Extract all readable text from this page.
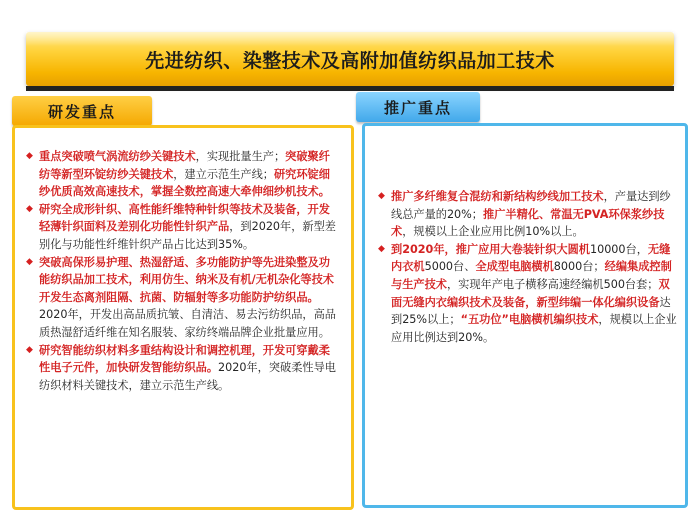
先进纺织、染整技术及高附加值纺织品加工技术
研发重点
◆ 重点突破喷气涡流纺纱关键技术，实现批量生产；突破聚纤纺等新型环锭纺纱关键技术，建立示范生产线；研究环锭细纱优质高效高速技术，掌握全数控高速大牵伸细纱机技术。
◆ 研究全成形针织、高性能纤维特种针织等技术及装备，开发轻薄针织面料及差别化功能性针织产品，到2020年，新型差别化与功能性纤维针织产品占比达到35%。
◆ 突破高保形易护理、热湿舒适、多功能防护等先进染整及功能纺织品加工技术，利用仿生、纳米及有机/无机杂化等技术开发生态离剂阻隔、抗菌、防辐射等多功能防护纺织品。2020年，开发出高品质抗皱、自清洁、易去污纺织品，高品质热湿舒适纤维在知名服装、家纺终端品牌企业批量应用。
◆ 研究智能纺织材料多重结构设计和调控机理，开发可穿戴柔性电子元件，加快研发智能纺织品。2020年，突破柔性导电纺织材料关键技术，建立示范生产线。
推广重点
◆ 推广多纤维复合混纺和新结构纱线加工技术，产量达到纱线总产量的20%；推广半精化、常温无PVA环保浆纱技术，规模以上企业应用比例10%以上。
◆ 到2020年，推广应用大卷装针织大圆机10000台，无缝内衣机5000台、全成型电脑横机8000台；经编集成控制与生产技术，实现年产电子横移高速经编机500台套；双面无缝内衣编织技术及装备，新型纬编一体化编织设备达到25%以上；“五功位”电脑横机编织技术，规模以上企业应用比例达到20%。
